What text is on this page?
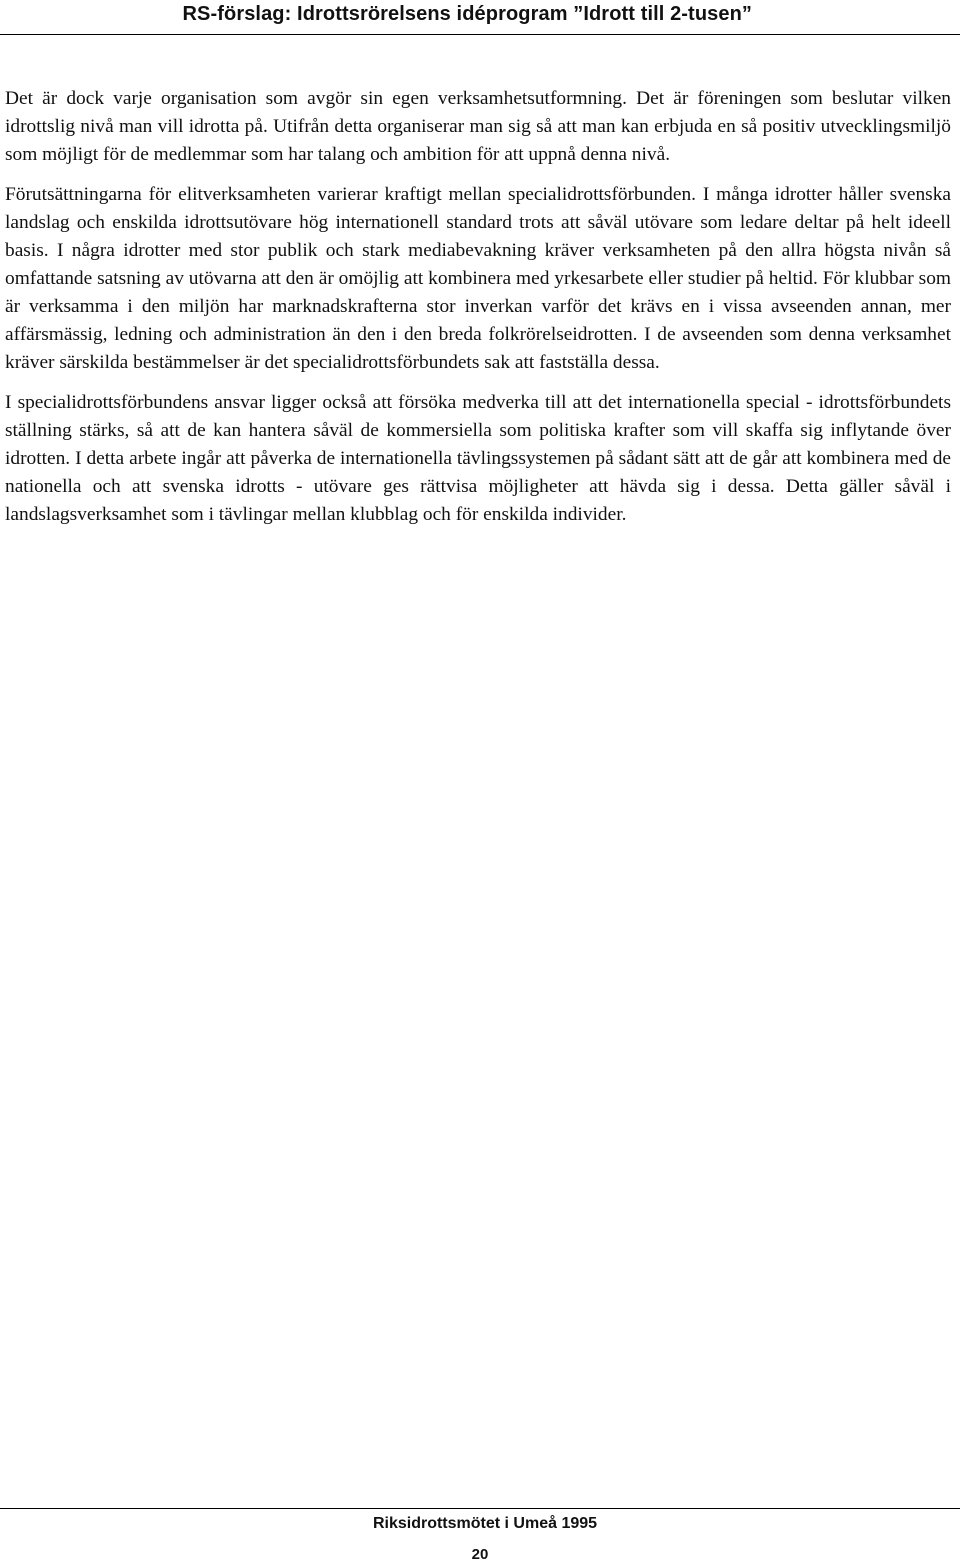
RS-förslag: Idrottsrörelsens idéprogram ”Idrott till 2-tusen”

Det är dock varje organisation som avgör sin egen verksamhetsutformning. Det är föreningen som beslutar vilken idrottslig nivå man vill idrotta på. Utifrån detta organiserar man sig så att man kan erbjuda en så positiv utvecklingsmiljö som möjligt för de medlemmar som har talang och ambition för att uppnå denna nivå.

Förutsättningarna för elitverksamheten varierar kraftigt mellan specialidrottsförbunden. I många idrotter håller svenska landslag och enskilda idrottsutövare hög internationell standard trots att såväl utövare som ledare deltar på helt ideell basis. I några idrotter med stor publik och stark mediabevakning kräver verksamheten på den allra högsta nivån så omfattande satsning av utövarna att den är omöjlig att kombinera med yrkesarbete eller studier på heltid. För klubbar som är verksamma i den miljön har marknadskrafterna stor inverkan varför det krävs en i vissa avseenden annan, mer affärsmässig, ledning och administration än den i den breda folkrörelseidrotten. I de avseenden som denna verksamhet kräver särskilda bestämmelser är det specialidrottsförbundets sak att fastställa dessa.

I specialidrottsförbundens ansvar ligger också att försöka medverka till att det internationella special - idrottsförbundets ställning stärks, så att de kan hantera såväl de kommersiella som politiska krafter som vill skaffa sig inflytande över idrotten. I detta arbete ingår att påverka de internationella tävlingssystemen på sådant sätt att de går att kombinera med de nationella och att svenska idrotts - utövare ges rättvisa möjligheter att hävda sig i dessa. Detta gäller såväl i landslagsverksamhet som i tävlingar mellan klubblag och för enskilda individer.

Riksidrottsmötet i Umeå 1995
20
